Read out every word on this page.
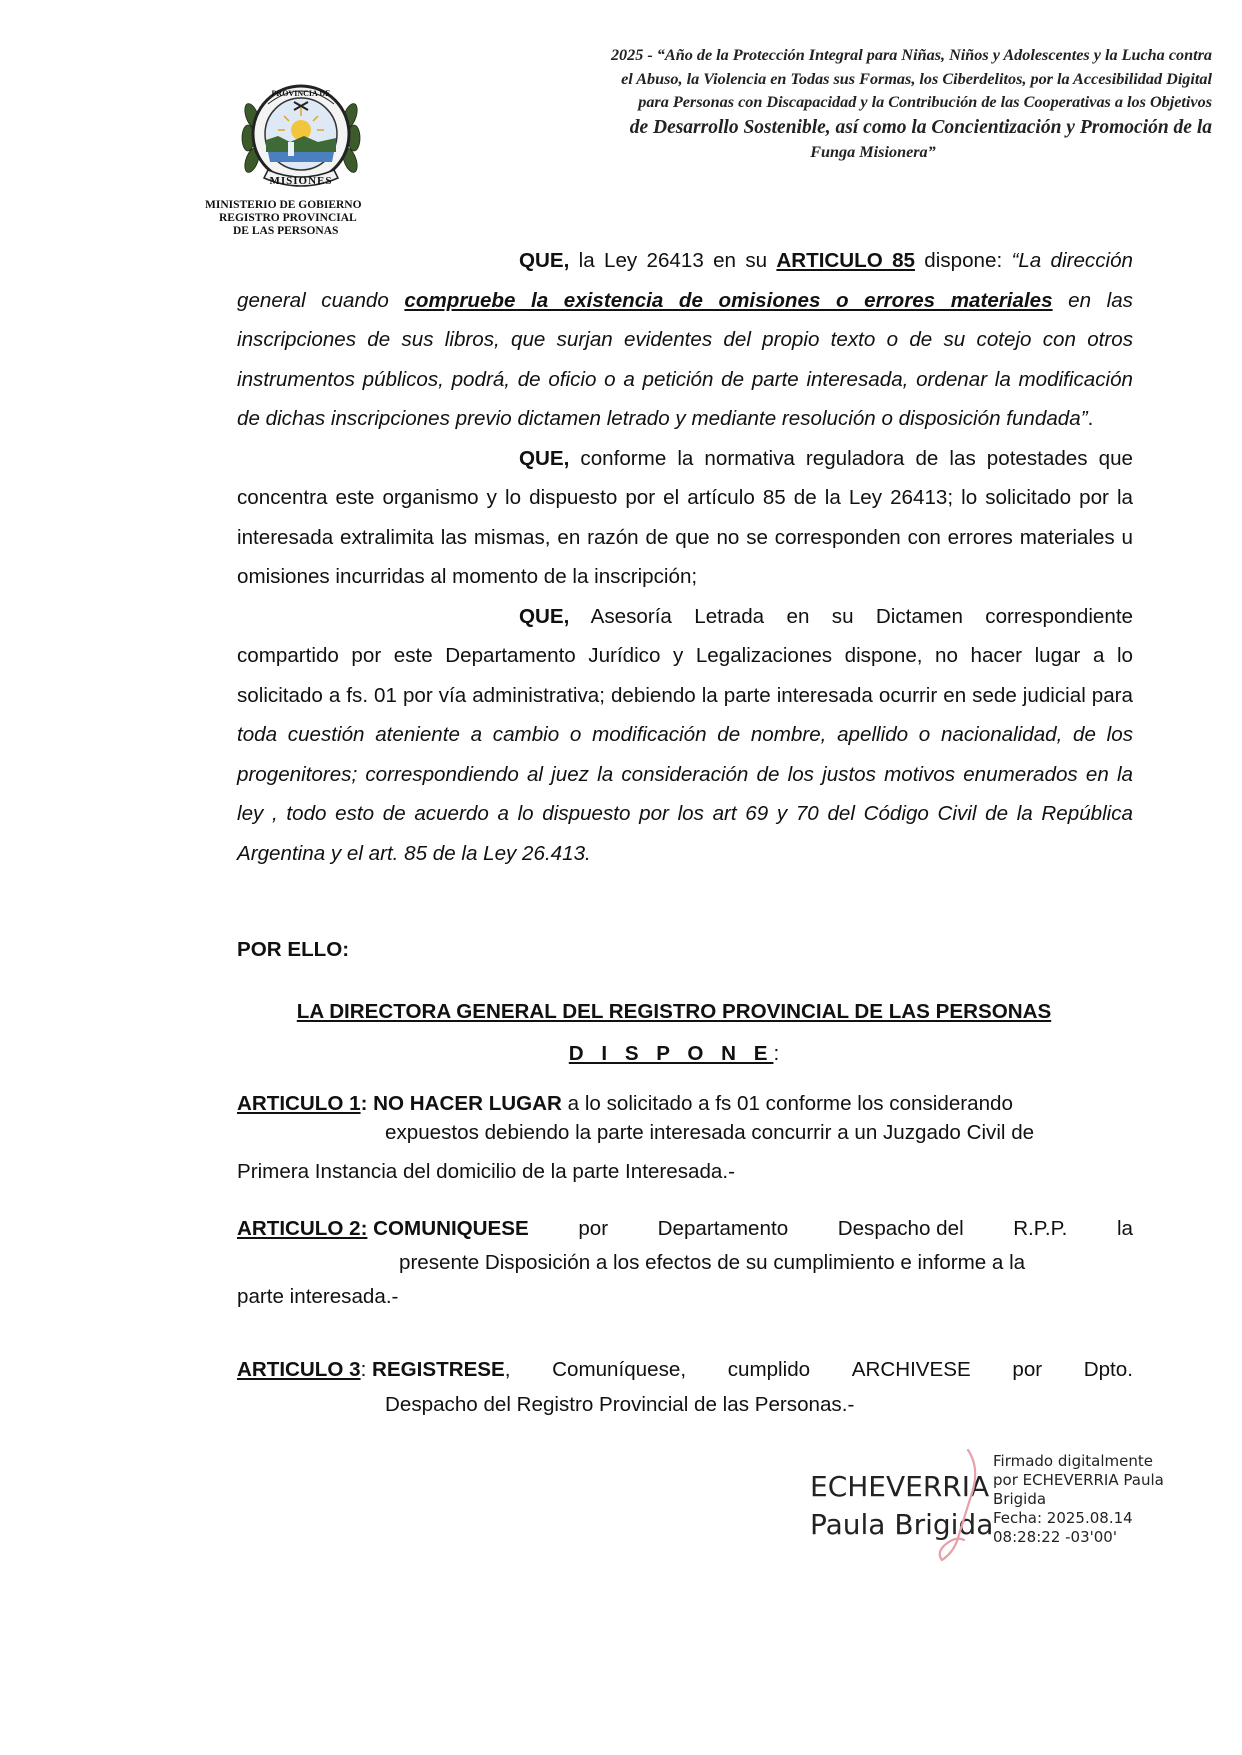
PROVINCIA DE
MISIONES
MINISTERIO DE GOBIERNO
REGISTRO PROVINCIAL
DE LAS PERSONAS
2025 - “Año de la Protección Integral para Niñas, Niños y Adolescentes y la Lucha contra
el Abuso, la Violencia en Todas sus Formas, los Ciberdelitos, por la Accesibilidad Digital
para Personas con Discapacidad y la Contribución de las Cooperativas a los Objetivos
de Desarrollo Sostenible, así como la Concientización y Promoción de la
Funga Misionera”

QUE, la Ley 26413 en su ARTICULO 85 dispone: “La dirección general cuando compruebe la existencia de omisiones o errores materiales en las inscripciones de sus libros, que surjan evidentes del propio texto o de su cotejo con otros instrumentos públicos, podrá, de oficio o a petición de parte interesada, ordenar la modificación de dichas inscripciones previo dictamen letrado y mediante resolución o disposición fundada”.

QUE, conforme la normativa reguladora de las potestades que concentra este organismo y lo dispuesto por el artículo 85 de la Ley 26413; lo solicitado por la interesada extralimita las mismas, en razón de que no se corresponden con errores materiales u omisiones incurridas al momento de la inscripción;

QUE, Asesoría Letrada en su Dictamen correspondiente compartido por este Departamento Jurídico y Legalizaciones dispone, no hacer lugar a lo solicitado a fs. 01 por vía administrativa; debiendo la parte interesada ocurrir en sede judicial para toda cuestión ateniente a cambio o modificación de nombre, apellido o nacionalidad, de los progenitores; correspondiendo al juez la consideración de los justos motivos enumerados en la ley , todo esto de acuerdo a lo dispuesto por los art 69 y 70 del Código Civil de la República Argentina y el art. 85 de la Ley 26.413.

POR ELLO:
LA DIRECTORA GENERAL DEL REGISTRO PROVINCIAL DE LAS PERSONAS
D I S P O N E:
ARTICULO 1: NO HACER LUGAR a lo solicitado a fs 01 conforme los considerando
expuestos debiendo la parte interesada concurrir a un Juzgado Civil de
Primera Instancia del domicilio de la parte Interesada.-
ARTICULO 2: COMUNIQUESE por Departamento Despacho del R.P.P. la
presente Disposición a los efectos de su cumplimiento e informe a la
parte interesada.-
ARTICULO 3: REGISTRESE, Comuníquese, cumplido ARCHIVESE por Dpto.
Despacho del Registro Provincial de las Personas.-
ECHEVERRIA
Paula Brigida
Firmado digitalmente
por ECHEVERRIA Paula
Brigida
Fecha: 2025.08.14
08:28:22 -03'00'
